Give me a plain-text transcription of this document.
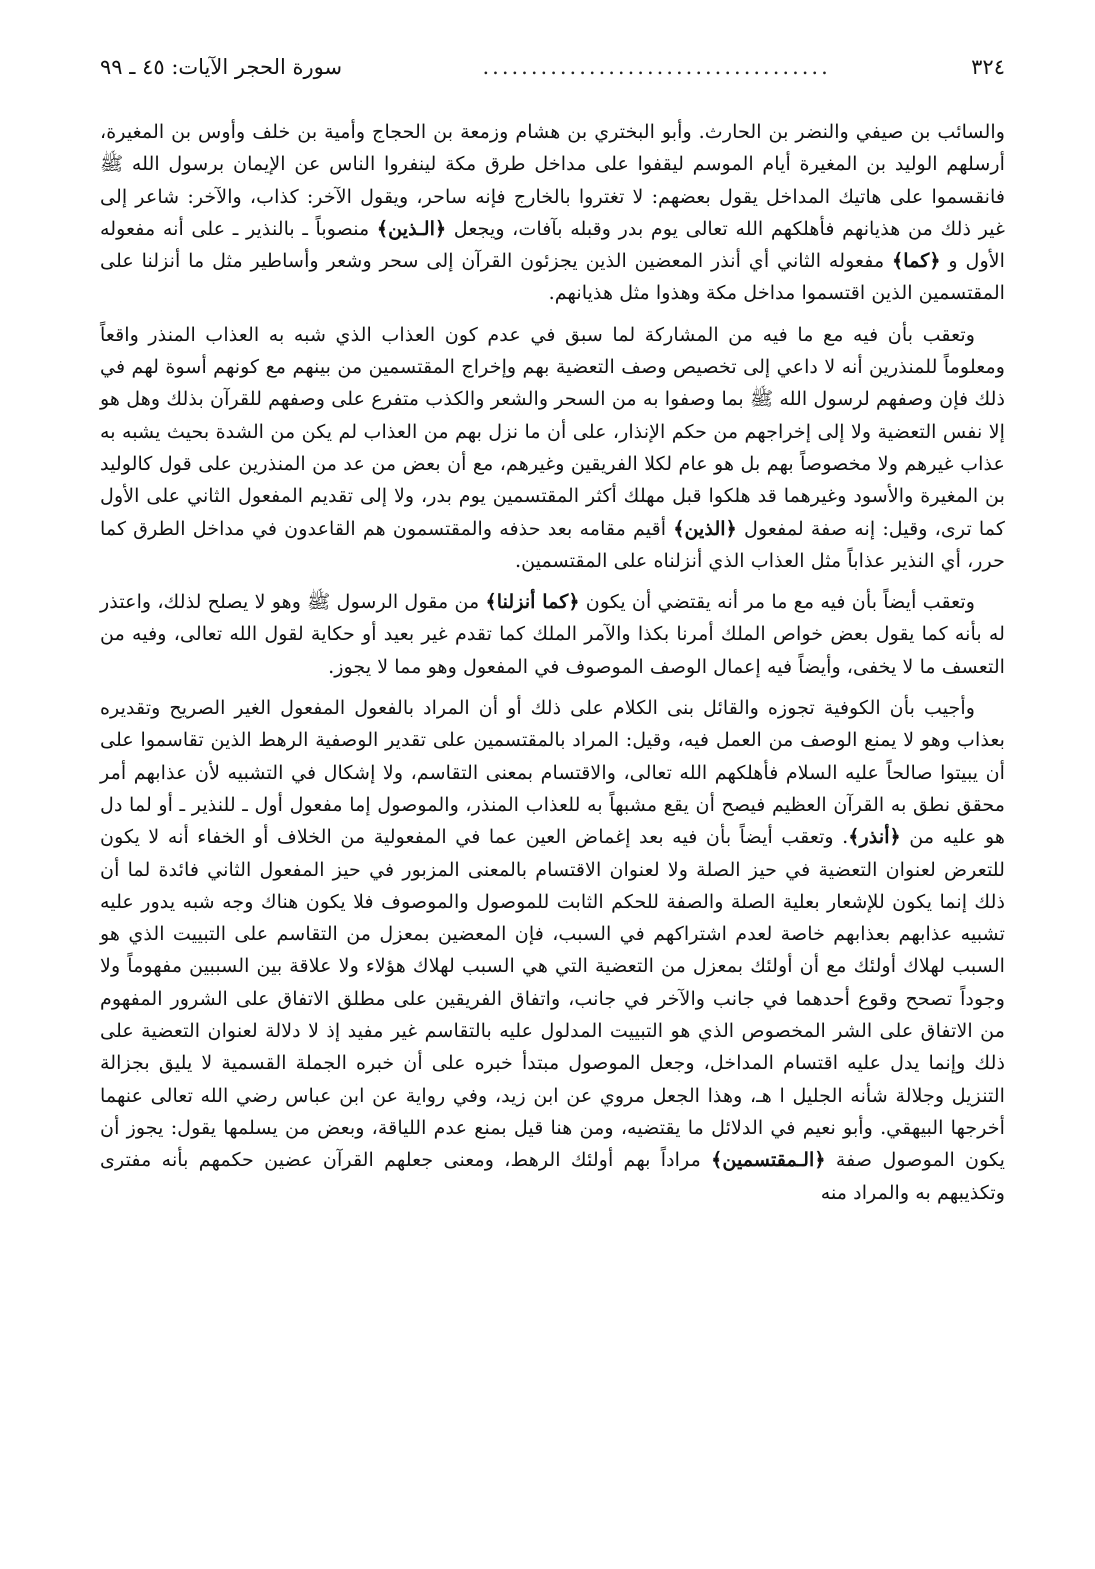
٣٢٤
....................................
سورة الحجر الآيات: ٤٥ ـ ٩٩

والسائب بن صيفي والنضر بن الحارث. وأبو البختري بن هشام وزمعة بن الحجاج وأمية بن خلف وأوس بن المغيرة، أرسلهم الوليد بن المغيرة أيام الموسم ليقفوا على مداخل طرق مكة لينفروا الناس عن الإيمان برسول الله ﷺ فانقسموا على هاتيك المداخل يقول بعضهم: لا تغتروا بالخارج فإنه ساحر، ويقول الآخر: كذاب، والآخر: شاعر إلى غير ذلك من هذيانهم فأهلكهم الله تعالى يوم بدر وقبله بآفات، ويجعل ﴿الـذين﴾ منصوباً ـ بالنذير ـ على أنه مفعوله الأول و ﴿كما﴾ مفعوله الثاني أي أنذر المعضين الذين يجزئون القرآن إلى سحر وشعر وأساطير مثل ما أنزلنا على المقتسمين الذين اقتسموا مداخل مكة وهذوا مثل هذيانهم.

وتعقب بأن فيه مع ما فيه من المشاركة لما سبق في عدم كون العذاب الذي شبه به العذاب المنذر واقعاً ومعلوماً للمنذرين أنه لا داعي إلى تخصيص وصف التعضية بهم وإخراج المقتسمين من بينهم مع كونهم أسوة لهم في ذلك فإن وصفهم لرسول الله ﷺ بما وصفوا به من السحر والشعر والكذب متفرع على وصفهم للقرآن بذلك وهل هو إلا نفس التعضية ولا إلى إخراجهم من حكم الإنذار، على أن ما نزل بهم من العذاب لم يكن من الشدة بحيث يشبه به عذاب غيرهم ولا مخصوصاً بهم بل هو عام لكلا الفريقين وغيرهم، مع أن بعض من عد من المنذرين على قول كالوليد بن المغيرة والأسود وغيرهما قد هلكوا قبل مهلك أكثر المقتسمين يوم بدر، ولا إلى تقديم المفعول الثاني على الأول كما ترى، وقيل: إنه صفة لمفعول ﴿الذين﴾ أقيم مقامه بعد حذفه والمقتسمون هم القاعدون في مداخل الطرق كما حرر، أي النذير عذاباً مثل العذاب الذي أنزلناه على المقتسمين.

وتعقب أيضاً بأن فيه مع ما مر أنه يقتضي أن يكون ﴿كما أنزلنا﴾ من مقول الرسول ﷺ وهو لا يصلح لذلك، واعتذر له بأنه كما يقول بعض خواص الملك أمرنا بكذا والآمر الملك كما تقدم غير بعيد أو حكاية لقول الله تعالى، وفيه من التعسف ما لا يخفى، وأيضاً فيه إعمال الوصف الموصوف في المفعول وهو مما لا يجوز.

وأجيب بأن الكوفية تجوزه والقائل بنى الكلام على ذلك أو أن المراد بالفعول المفعول الغير الصريح وتقديره بعذاب وهو لا يمنع الوصف من العمل فيه، وقيل: المراد بالمقتسمين على تقدير الوصفية الرهط الذين تقاسموا على أن يبيتوا صالحاً عليه السلام فأهلكهم الله تعالى، والاقتسام بمعنى التقاسم، ولا إشكال في التشبيه لأن عذابهم أمر محقق نطق به القرآن العظيم فيصح أن يقع مشبهاً به للعذاب المنذر، والموصول إما مفعول أول ـ للنذير ـ أو لما دل هو عليه من ﴿أنذر﴾. وتعقب أيضاً بأن فيه بعد إغماض العين عما في المفعولية من الخلاف أو الخفاء أنه لا يكون للتعرض لعنوان التعضية في حيز الصلة ولا لعنوان الاقتسام بالمعنى المزبور في حيز المفعول الثاني فائدة لما أن ذلك إنما يكون للإشعار بعلية الصلة والصفة للحكم الثابت للموصول والموصوف فلا يكون هناك وجه شبه يدور عليه تشبيه عذابهم بعذابهم خاصة لعدم اشتراكهم في السبب، فإن المعضين بمعزل من التقاسم على التبييت الذي هو السبب لهلاك أولئك مع أن أولئك بمعزل من التعضية التي هي السبب لهلاك هؤلاء ولا علاقة بين السببين مفهوماً ولا وجوداً تصحح وقوع أحدهما في جانب والآخر في جانب، واتفاق الفريقين على مطلق الاتفاق على الشرور المفهوم من الاتفاق على الشر المخصوص الذي هو التبييت المدلول عليه بالتقاسم غير مفيد إذ لا دلالة لعنوان التعضية على ذلك وإنما يدل عليه اقتسام المداخل، وجعل الموصول مبتدأ خبره على أن خبره الجملة القسمية لا يليق بجزالة التنزيل وجلالة شأنه الجليل ا هـ، وهذا الجعل مروي عن ابن زيد، وفي رواية عن ابن عباس رضي الله تعالى عنهما أخرجها البيهقي. وأبو نعيم في الدلائل ما يقتضيه، ومن هنا قيل بمنع عدم اللياقة، وبعض من يسلمها يقول: يجوز أن يكون الموصول صفة ﴿الـمقتسمين﴾ مراداً بهم أولئك الرهط، ومعنى جعلهم القرآن عضين حكمهم بأنه مفترى وتكذيبهم به والمراد منه
